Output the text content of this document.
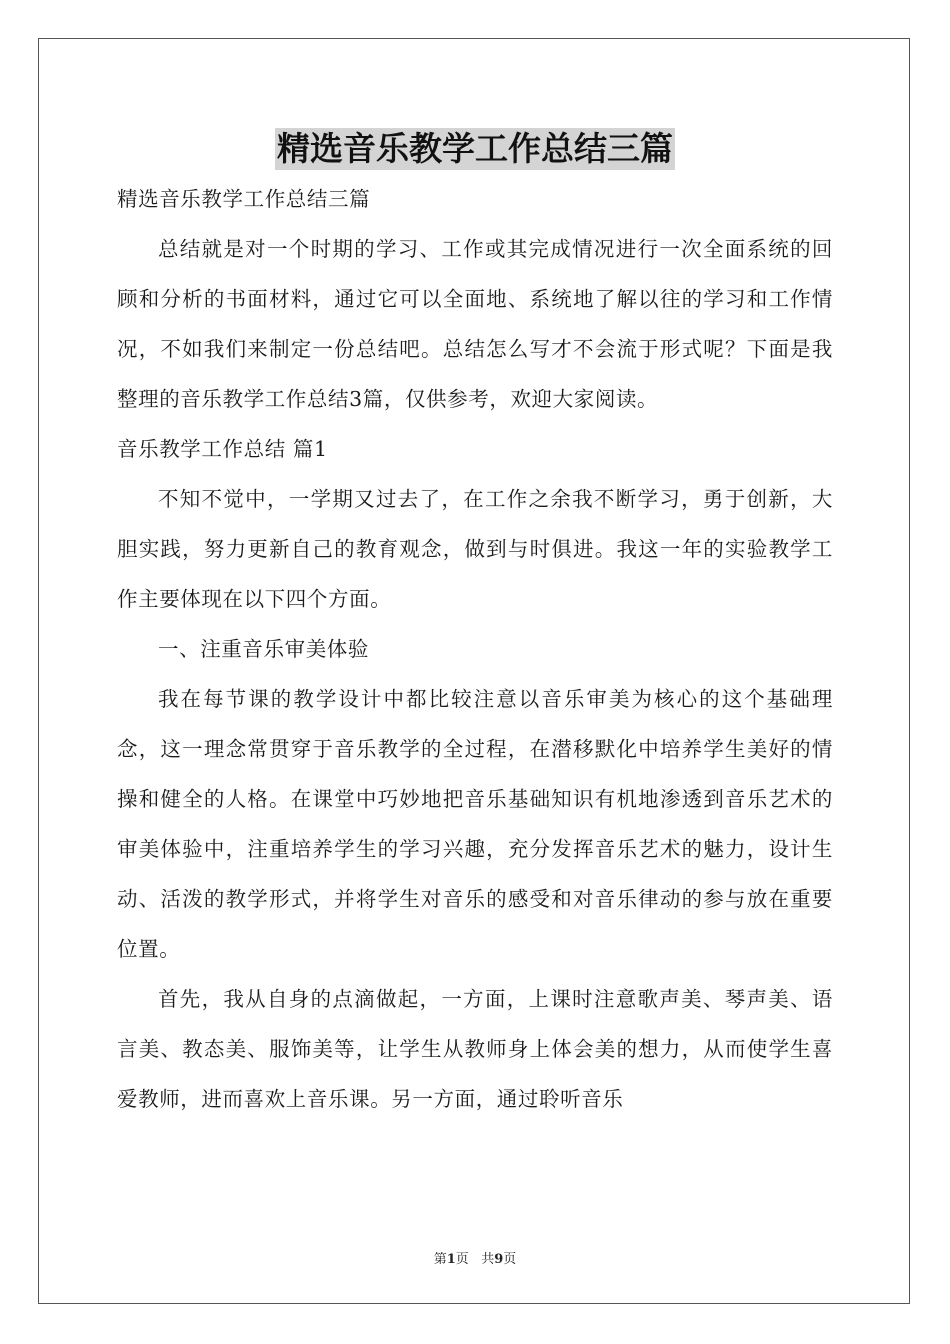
精选音乐教学工作总结三篇

精选音乐教学工作总结三篇

总结就是对一个时期的学习、工作或其完成情况进行一次全面系统的回顾和分析的书面材料，通过它可以全面地、系统地了解以往的学习和工作情况，不如我们来制定一份总结吧。总结怎么写才不会流于形式呢？下面是我整理的音乐教学工作总结3篇，仅供参考，欢迎大家阅读。

音乐教学工作总结 篇1

不知不觉中，一学期又过去了，在工作之余我不断学习，勇于创新，大胆实践，努力更新自己的教育观念，做到与时俱进。我这一年的实验教学工作主要体现在以下四个方面。

一、注重音乐审美体验

我在每节课的教学设计中都比较注意以音乐审美为核心的这个基础理念，这一理念常贯穿于音乐教学的全过程，在潜移默化中培养学生美好的情操和健全的人格。在课堂中巧妙地把音乐基础知识有机地渗透到音乐艺术的审美体验中，注重培养学生的学习兴趣，充分发挥音乐艺术的魅力，设计生动、活泼的教学形式，并将学生对音乐的感受和对音乐律动的参与放在重要位置。

首先，我从自身的点滴做起，一方面，上课时注意歌声美、琴声美、语言美、教态美、服饰美等，让学生从教师身上体会美的想力，从而使学生喜爱教师，进而喜欢上音乐课。另一方面，通过聆听音乐

第1页 共9页
